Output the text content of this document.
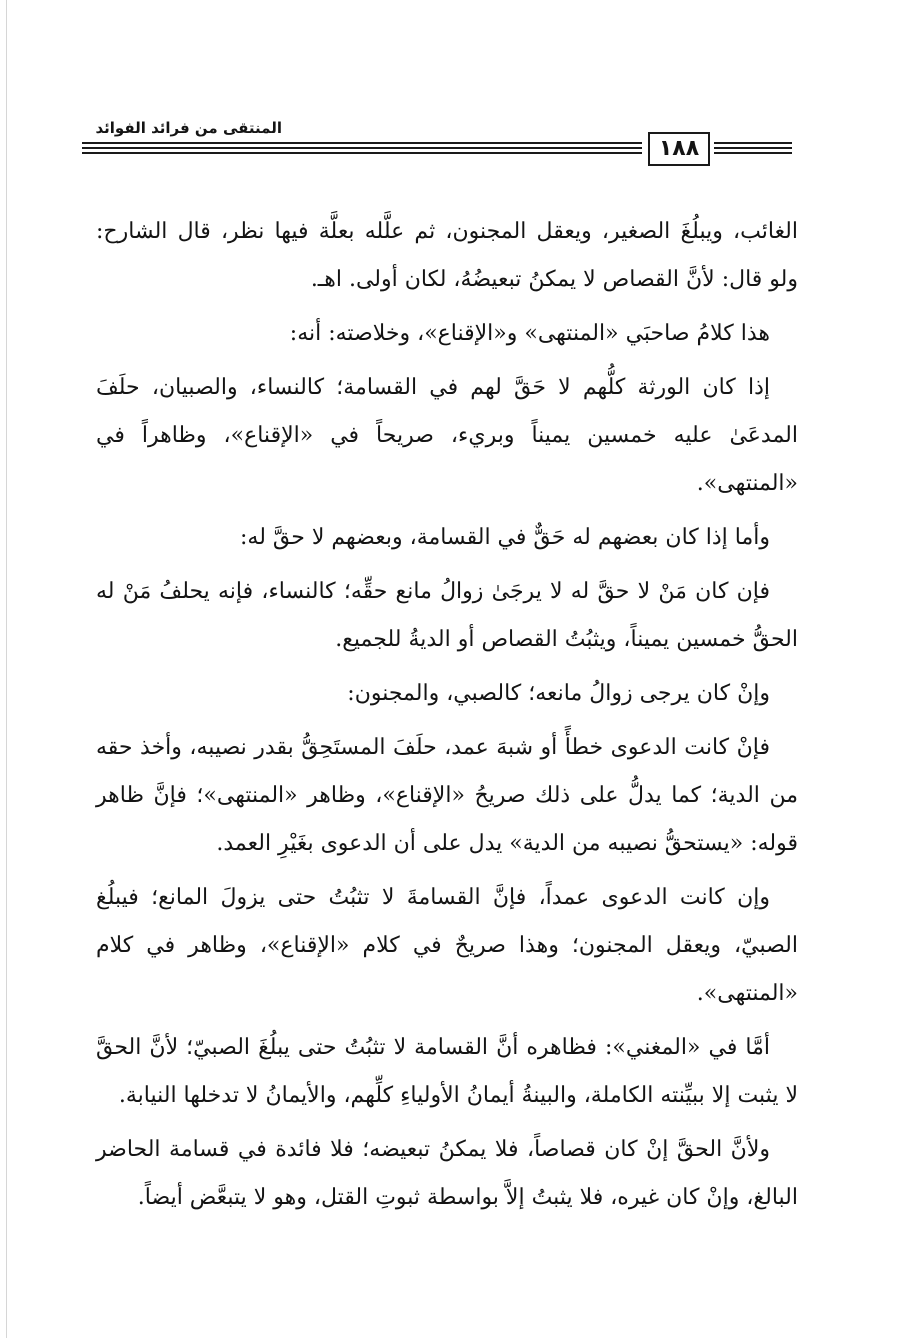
١٨٨
المنتقى من فرائد الفوائد

الغائب، ويبلُغَ الصغير، ويعقل المجنون، ثم علَّله بعلَّة فيها نظر، قال الشارح: ولو قال: لأنَّ القصاص لا يمكنُ تبعيضُهُ، لكان أولى. اهـ.

هذا كلامُ صاحبَي «المنتهى» و«الإقناع»، وخلاصته: أنه:

إذا كان الورثة كلُّهم لا حَقَّ لهم في القسامة؛ كالنساء، والصبيان، حلَفَ المدعَىٰ عليه خمسين يميناً وبريء، صريحاً في «الإقناع»، وظاهراً في «المنتهى».

وأما إذا كان بعضهم له حَقٌّ في القسامة، وبعضهم لا حقَّ له:

فإن كان مَنْ لا حقَّ له لا يرجَىٰ زوالُ مانع حقِّه؛ كالنساء، فإنه يحلفُ مَنْ له الحقُّ خمسين يميناً، ويثبُتُ القصاص أو الديةُ للجميع.

وإنْ كان يرجى زوالُ مانعه؛ كالصبي، والمجنون:

فإنْ كانت الدعوى خطأً أو شبهَ عمد، حلَفَ المستَحِقُّ بقدر نصيبه، وأخذ حقه من الدية؛ كما يدلُّ على ذلك صريحُ «الإقناع»، وظاهر «المنتهى»؛ فإنَّ ظاهر قوله: «يستحقُّ نصيبه من الدية» يدل على أن الدعوى بغَيْرِ العمد.

وإن كانت الدعوى عمداً، فإنَّ القسامةَ لا تثبُتُ حتى يزولَ المانع؛ فيبلُغ الصبيّ، ويعقل المجنون؛ وهذا صريحٌ في كلام «الإقناع»، وظاهر في كلام «المنتهى».

أمَّا في «المغني»: فظاهره أنَّ القسامة لا تثبُتُ حتى يبلُغَ الصبيّ؛ لأنَّ الحقَّ لا يثبت إلا ببيِّنته الكاملة، والبينةُ أيمانُ الأولياءِ كلِّهم، والأيمانُ لا تدخلها النيابة.

ولأنَّ الحقَّ إنْ كان قصاصاً، فلا يمكنُ تبعيضه؛ فلا فائدة في قسامة الحاضر البالغ، وإنْ كان غيره، فلا يثبتُ إلاَّ بواسطة ثبوتِ القتل، وهو لا يتبعَّض أيضاً.
